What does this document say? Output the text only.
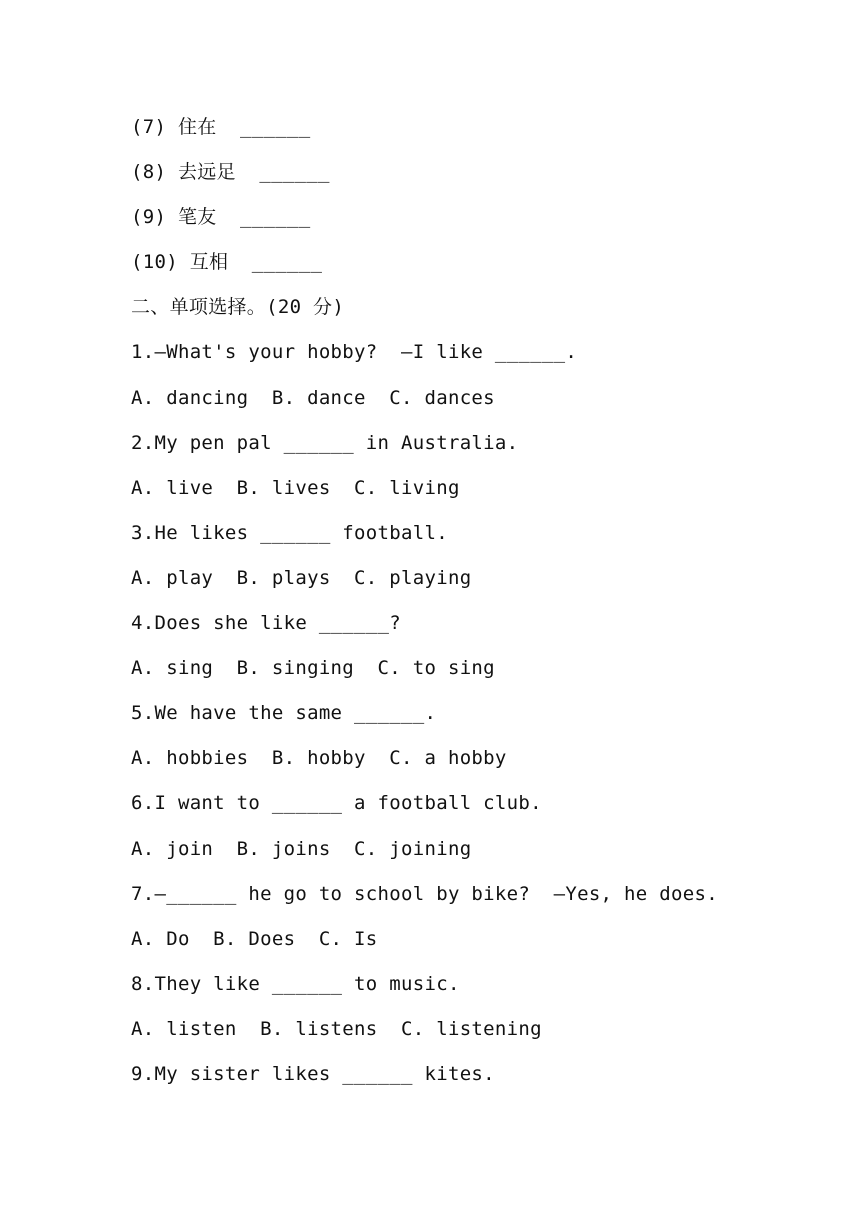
(7) 住在  ______
(8) 去远足  ______
(9) 笔友  ______
(10) 互相  ______
二、单项选择。(20 分)
1.—What's your hobby?  —I like ______.
A. dancing  B. dance  C. dances
2.My pen pal ______ in Australia.
A. live  B. lives  C. living
3.He likes ______ football.
A. play  B. plays  C. playing
4.Does she like ______?
A. sing  B. singing  C. to sing
5.We have the same ______.
A. hobbies  B. hobby  C. a hobby
6.I want to ______ a football club.
A. join  B. joins  C. joining
7.—______ he go to school by bike?  —Yes, he does.
A. Do  B. Does  C. Is
8.They like ______ to music.
A. listen  B. listens  C. listening
9.My sister likes ______ kites.
